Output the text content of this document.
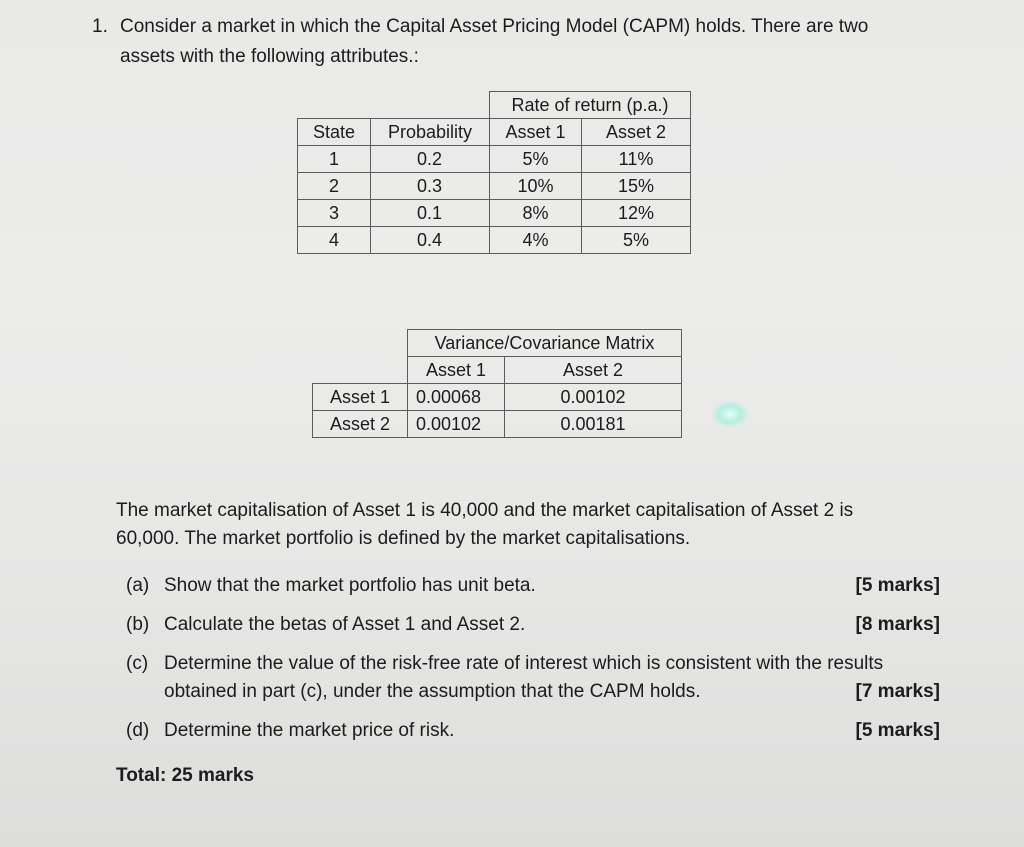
1. Consider a market in which the Capital Asset Pricing Model (CAPM) holds. There are two
assets with the following attributes.:
		Rate of return (p.a.)	
State	Probability	Asset 1	Asset 2
1	0.2	5%	11%
2	0.3	10%	15%
3	0.1	8%	12%
4	0.4	4%	5%
	Variance/Covariance Matrix	
	Asset 1	Asset 2
Asset 1	0.00068	0.00102
Asset 2	0.00102	0.00181
The market capitalisation of Asset 1 is 40,000 and the market capitalisation of Asset 2 is
60,000. The market portfolio is defined by the market capitalisations.
(a) Show that the market portfolio has unit beta.	[5 marks]
(b) Calculate the betas of Asset 1 and Asset 2.	[8 marks]
(c) Determine the value of the risk-free rate of interest which is consistent with the results
obtained in part (c), under the assumption that the CAPM holds.	[7 marks]
(d) Determine the market price of risk.	[5 marks]
Total: 25 marks
